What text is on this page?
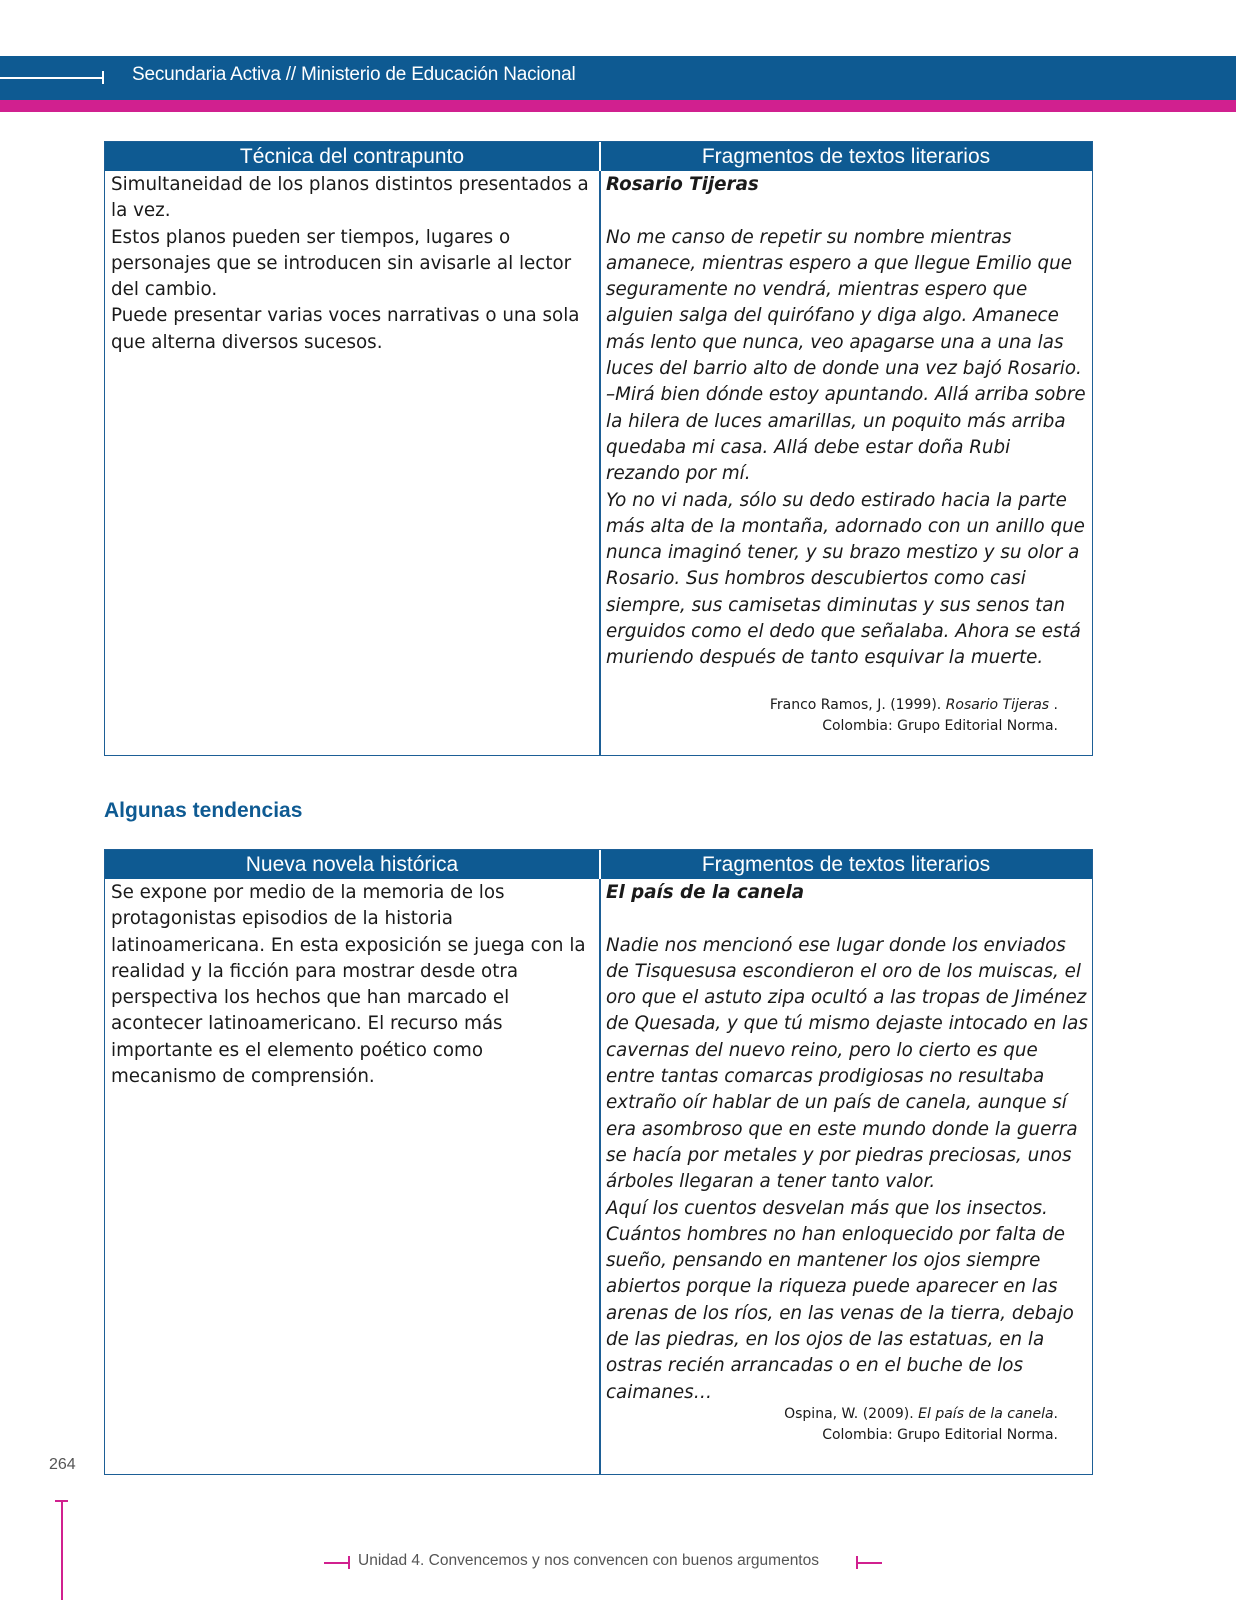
Secundaria Activa // Ministerio de Educación Nacional
Técnica del contrapunto	Fragmentos de textos literarios

Simultaneidad de los planos distintos presentados a la vez.

Estos planos pueden ser tiempos, lugares o personajes que se introducen sin avisarle al lector del cambio.

Puede presentar varias voces narrativas o una sola que alterna diversos sucesos.

Rosario Tijeras

No me canso de repetir su nombre mientras amanece, mientras espero a que llegue Emilio que seguramente no vendrá, mientras espero que alguien salga del quirófano y diga algo. Amanece más lento que nunca, veo apagarse una a una las luces del barrio alto de donde una vez bajó Rosario.
–Mirá bien dónde estoy apuntando. Allá arriba sobre la hilera de luces amarillas, un poquito más arriba quedaba mi casa. Allá debe estar doña Rubi rezando por mí.
Yo no vi nada, sólo su dedo estirado hacia la parte más alta de la montaña, adornado con un anillo que nunca imaginó tener, y su brazo mestizo y su olor a Rosario. Sus hombros descubiertos como casi siempre, sus camisetas diminutas y sus senos tan erguidos como el dedo que señalaba. Ahora se está muriendo después de tanto esquivar la muerte.
Franco Ramos, J. (1999). Rosario Tijeras .
Colombia: Grupo Editorial Norma.
Algunas tendencias
Nueva novela histórica	Fragmentos de textos literarios

Se expone por medio de la memoria de los protagonistas episodios de la historia latinoamericana. En esta exposición se juega con la realidad y la ficción para mostrar desde otra perspectiva los hechos que han marcado el acontecer latinoamericano. El recurso más importante es el elemento poético como mecanismo de comprensión.

El país de la canela

Nadie nos mencionó ese lugar donde los enviados de Tisquesusa escondieron el oro de los muiscas, el oro que el astuto zipa ocultó a las tropas de Jiménez de Quesada, y que tú mismo dejaste intocado en las cavernas del nuevo reino, pero lo cierto es que entre tantas comarcas prodigiosas no resultaba extraño oír hablar de un país de canela, aunque sí era asombroso que en este mundo donde la guerra se hacía por metales y por piedras preciosas, unos árboles llegaran a tener tanto valor.
Aquí los cuentos desvelan más que los insectos. Cuántos hombres no han enloquecido por falta de sueño, pensando en mantener los ojos siempre abiertos porque la riqueza puede aparecer en las arenas de los ríos, en las venas de la tierra, debajo de las piedras, en los ojos de las estatuas, en la ostras recién arrancadas o en el buche de los caimanes…
Ospina, W. (2009). El país de la canela.
Colombia: Grupo Editorial Norma.
264
Unidad 4. Convencemos y nos convencen con buenos argumentos
